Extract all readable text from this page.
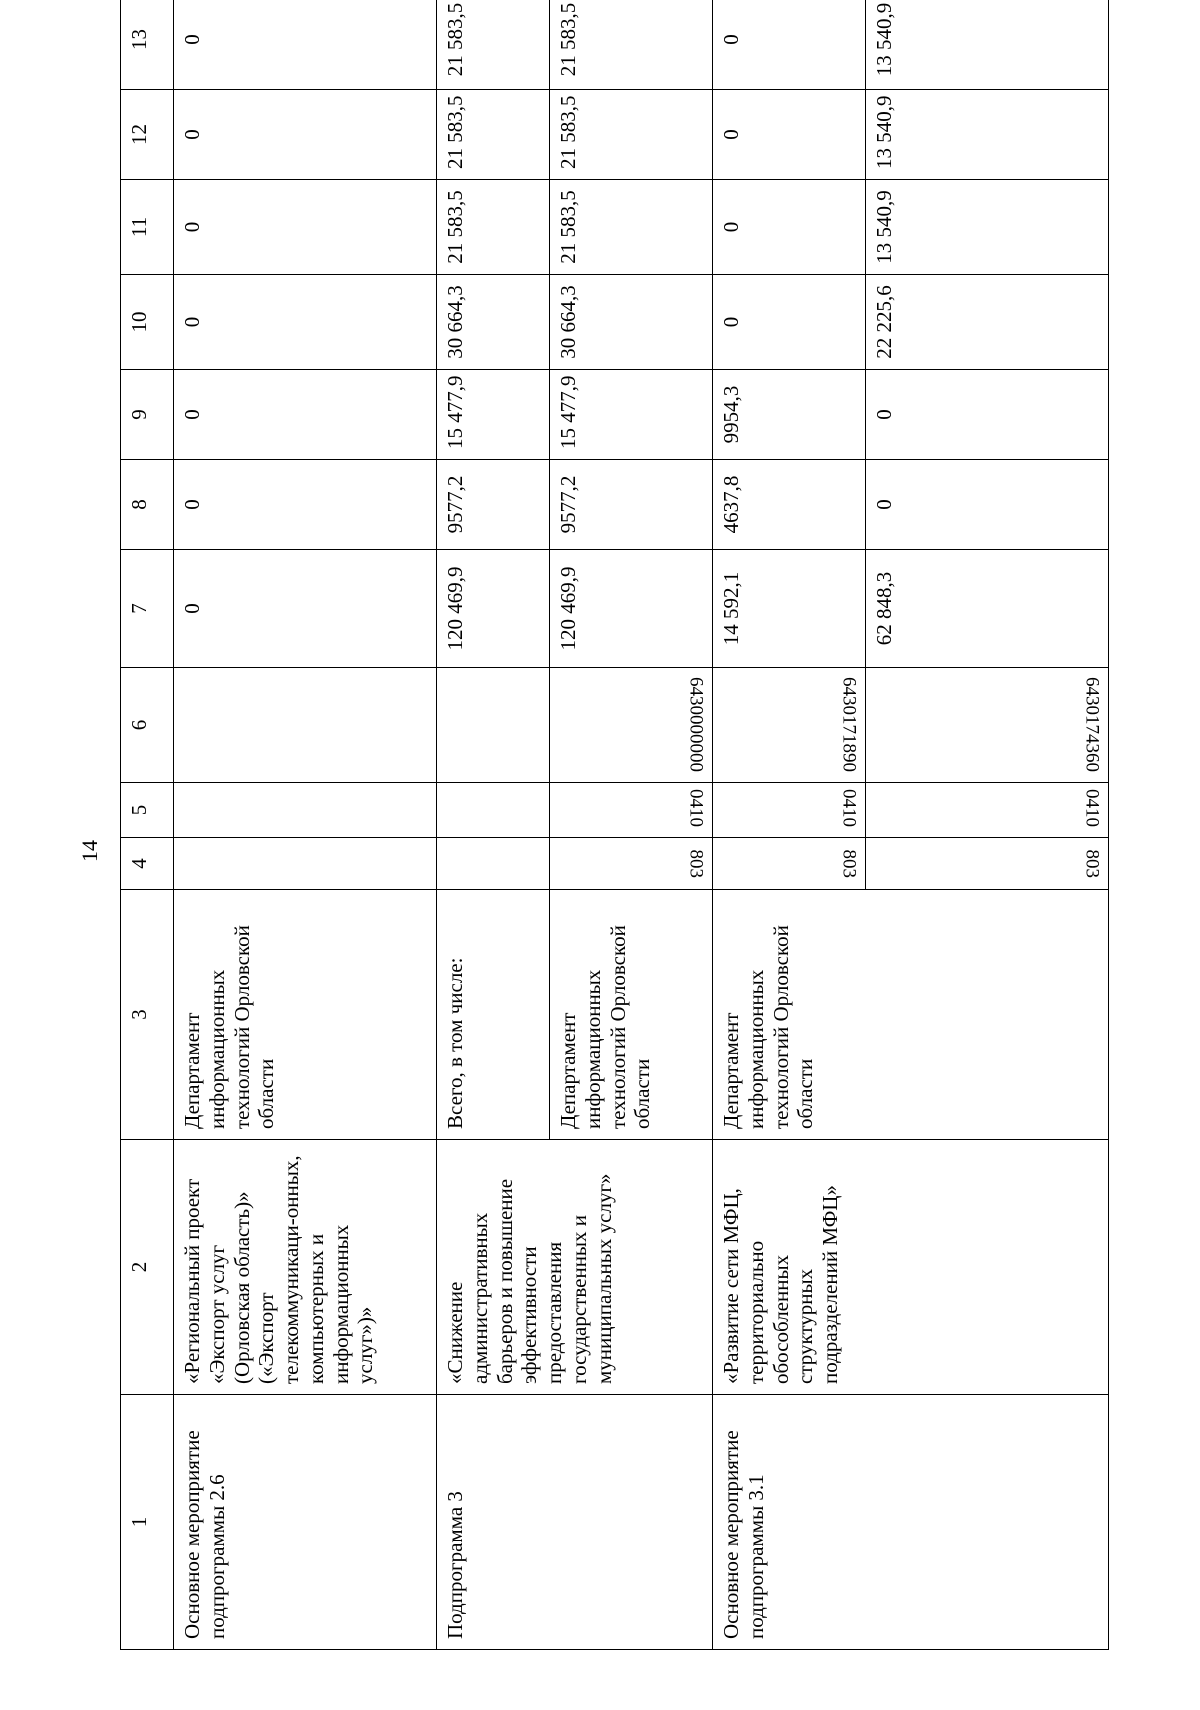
14
1	2	3	4	5	6	7	8	9	10	11	12	13
Основное мероприятие подпрограммы 2.6	«Региональный проект «Экспорт услуг (Орловская область)» («Экспорт телекоммуникаци-онных, компьютерных и информационных услуг»)»	Департамент информационных технологий Орловской области				0	0	0	0	0	0	0
Подпрограмма 3	«Снижение административных барьеров и повышение эффективности предоставления государственных и муниципальных услуг»	Всего, в том числе:				120 469,9	9577,2	15 477,9	30 664,3	21 583,5	21 583,5	21 583,5
		Департамент информационных технологий Орловской области	803	0410	6430000000	120 469,9	9577,2	15 477,9	30 664,3	21 583,5	21 583,5	21 583,5
Основное мероприятие подпрограммы 3.1	«Развитие сети МФЦ, территориально обособленных структурных подразделений МФЦ»	Департамент информационных технологий Орловской области	803	0410	6430171890	14 592,1	4637,8	9954,3	0	0	0	0
			803	0410	6430174360	62 848,3	0	0	22 225,6	13 540,9	13 540,9	13 540,9
